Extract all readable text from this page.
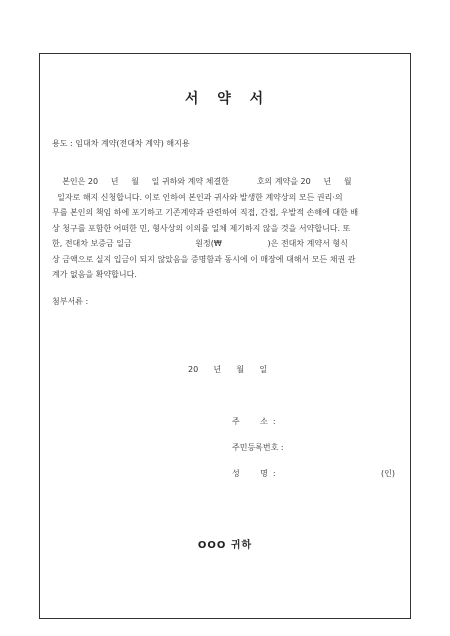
서 약 서
용도 : 임대차 계약(전대차 계약) 해지용
본인은 20     년     월     일 귀하와 계약 체결한           호의 계약을 20     년     월
일자로 해지 신청합니다. 이로 인하여 본인과 귀사와 발생한 계약상의 모든 권리·의
무를 본인의 책임 하에 포기하고 기존계약과 관련하여 직접, 간접, 우발적 손해에 대한 배
상 청구를 포함한 어떠한 민, 형사상의 이의를 일체 제기하지 않을 것을 서약합니다. 또
한, 전대차 보증금 일금                         원정(₩                  )은 전대차 계약서 형식
상 금액으로 실지 입금이 되지 않았음을 증명함과 동시에 이 매장에 대해서 모든 채권 관
계가 없음을 확약합니다.
첨부서류 :
20      년      월      일
주        소  :
주민등록번호 :
성        명  :	(인)
OOO 귀하
